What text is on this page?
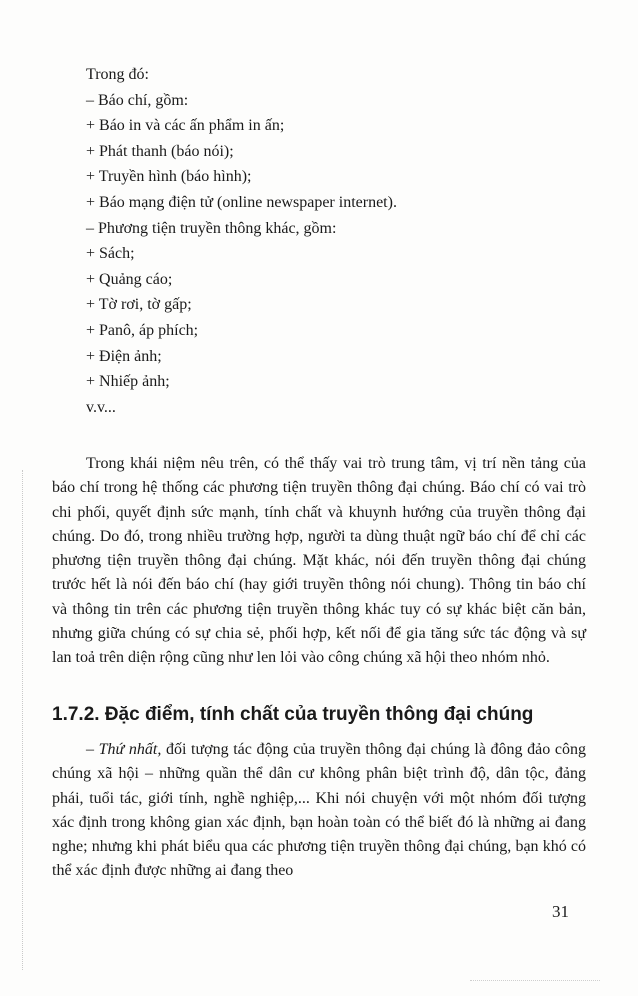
Trong đó:
– Báo chí, gồm:
+ Báo in và các ấn phẩm in ấn;
+ Phát thanh (báo nói);
+ Truyền hình (báo hình);
+ Báo mạng điện tử (online newspaper internet).
– Phương tiện truyền thông khác, gồm:
+ Sách;
+ Quảng cáo;
+ Tờ rơi, tờ gấp;
+ Panô, áp phích;
+ Điện ảnh;
+ Nhiếp ảnh;
v.v...

Trong khái niệm nêu trên, có thể thấy vai trò trung tâm, vị trí nền tảng của báo chí trong hệ thống các phương tiện truyền thông đại chúng. Báo chí có vai trò chi phối, quyết định sức mạnh, tính chất và khuynh hướng của truyền thông đại chúng. Do đó, trong nhiều trường hợp, người ta dùng thuật ngữ báo chí để chỉ các phương tiện truyền thông đại chúng. Mặt khác, nói đến truyền thông đại chúng trước hết là nói đến báo chí (hay giới truyền thông nói chung). Thông tin báo chí và thông tin trên các phương tiện truyền thông khác tuy có sự khác biệt căn bản, nhưng giữa chúng có sự chia sẻ, phối hợp, kết nối để gia tăng sức tác động và sự lan toả trên diện rộng cũng như len lỏi vào công chúng xã hội theo nhóm nhỏ.

1.7.2. Đặc điểm, tính chất của truyền thông đại chúng

– Thứ nhất, đối tượng tác động của truyền thông đại chúng là đông đảo công chúng xã hội – những quần thể dân cư không phân biệt trình độ, dân tộc, đảng phái, tuổi tác, giới tính, nghề nghiệp,... Khi nói chuyện với một nhóm đối tượng xác định trong không gian xác định, bạn hoàn toàn có thể biết đó là những ai đang nghe; nhưng khi phát biểu qua các phương tiện truyền thông đại chúng, bạn khó có thể xác định được những ai đang theo

31
